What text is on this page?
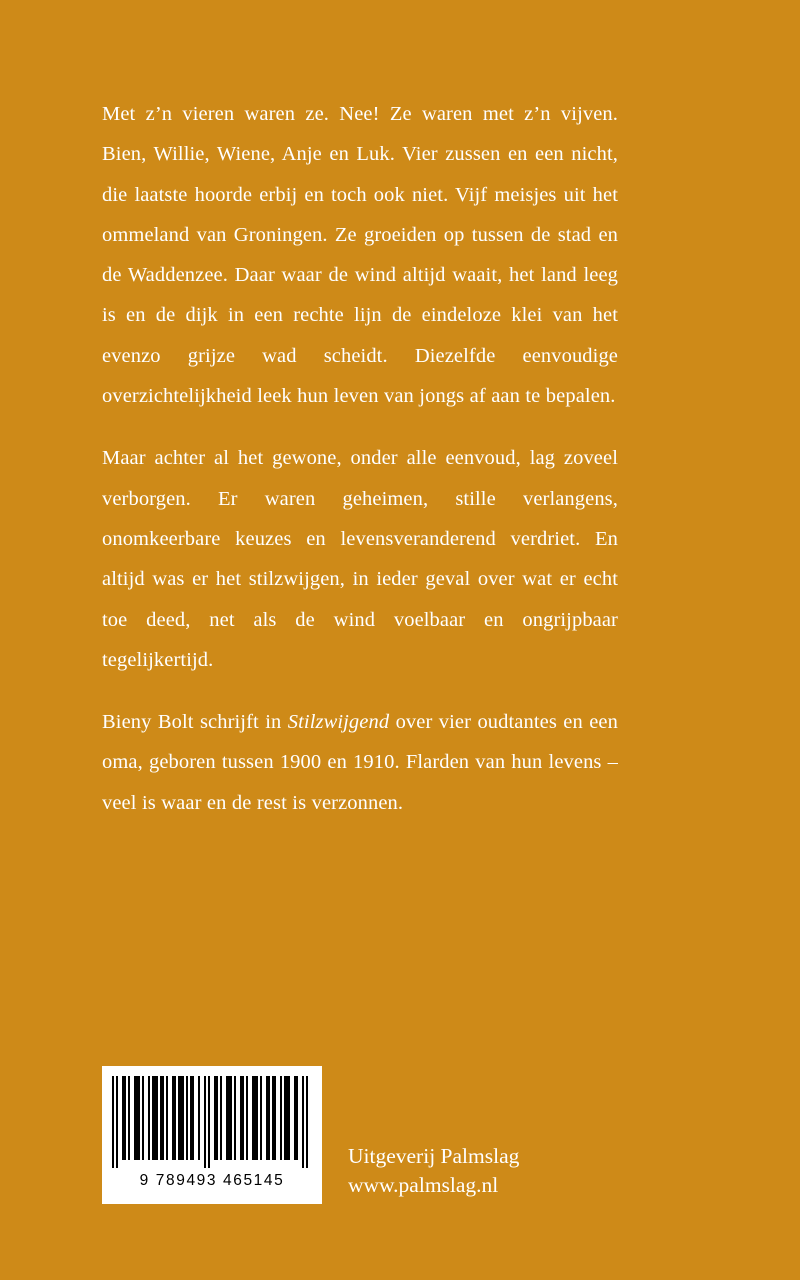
Met z’n vieren waren ze. Nee! Ze waren met z’n vijven. Bien, Willie, Wiene, Anje en Luk. Vier zussen en een nicht, die laatste hoorde erbij en toch ook niet. Vijf meisjes uit het ommeland van Groningen. Ze groeiden op tussen de stad en de Waddenzee. Daar waar de wind altijd waait, het land leeg is en de dijk in een rechte lijn de eindeloze klei van het evenzo grijze wad scheidt. Diezelfde eenvoudige overzichtelijkheid leek hun leven van jongs af aan te bepalen.

Maar achter al het gewone, onder alle eenvoud, lag zoveel verborgen. Er waren geheimen, stille verlangens, onomkeerbare keuzes en levensveranderend verdriet. En altijd was er het stilzwijgen, in ieder geval over wat er echt toe deed, net als de wind voelbaar en ongrijpbaar tegelijkertijd.

Bieny Bolt schrijft in Stilzwijgend over vier oudtantes en een oma, geboren tussen 1900 en 1910. Flarden van hun levens – veel is waar en de rest is verzonnen.

9 789493 465145
Uitgeverij Palmslag
www.palmslag.nl
